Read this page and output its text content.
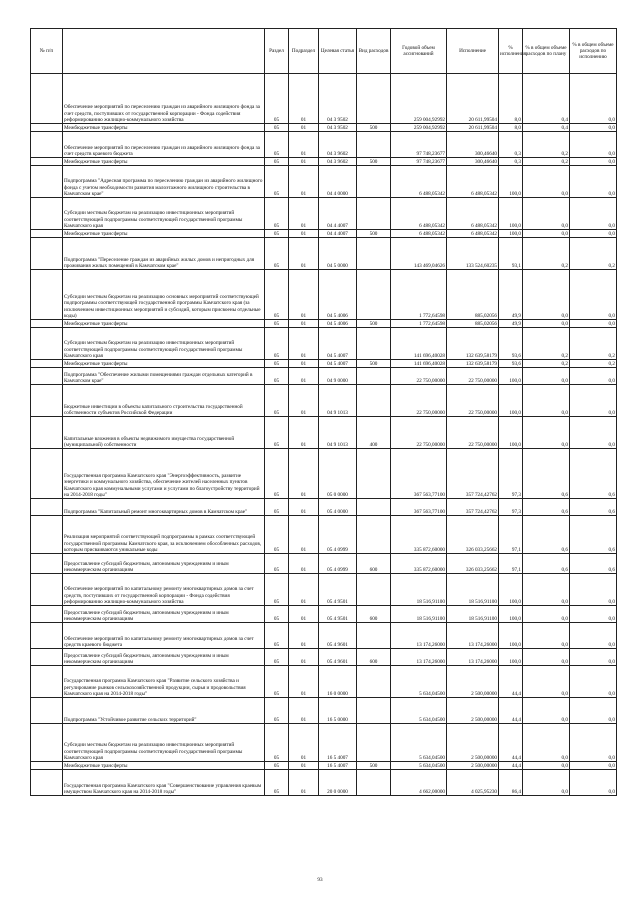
№ п/п		Раздел	Подраздел	Целевая статья	Вид расходов	Годовой объем ассигнований	Исполнение	% исполнения	% в общем объеме расходов по плану	% в общем объеме расходов по исполнению
	Обеспечение мероприятий по переселению граждан из аварийного жилищного фонда за счет средств, поступивших от государственной корпорации - Фонда содействия реформированию жилищно-коммунального хозяйства	05	01	04 3 9502		259 004,92992	20 611,99504	8,0	0,4	0,0
	Межбюджетные трансферты	05	01	04 3 9502	500	259 004,92992	20 611,99504	8,0	0,4	0,0
	Обеспечение мероприятий по переселению граждан из аварийного жилищного фонда за счет средств краевого бюджета	05	01	04 3 9602		97 748,23677	300,46640	0,3	0,2	0,0
	Межбюджетные трансферты	05	01	04 3 9602	500	97 748,23677	300,46640	0,3	0,2	0,0
	Подпрограмма "Адресная программа по переселению граждан из аварийного жилищного фонда с учетом необходимости развития малоэтажного жилищного строительства в Камчатском крае"	05	01	04 4 0000		6 488,05342	6 488,05342	100,0	0,0	0,0
	Субсидии местным бюджетам на реализацию инвестиционных мероприятий соответствующей подпрограммы соответствующей государственной программы Камчатского края	05	01	04 4 4007		6 488,05342	6 488,05342	100,0	0,0	0,0
	Межбюджетные трансферты	05	01	04 4 4007	500	6 488,05342	6 488,05342	100,0	0,0	0,0
	Подпрограмма "Переселение граждан из аварийных жилых домов и непригодных для проживания жилых помещений в Камчатском крае"	05	01	04 5 0000		143 469,04626	133 524,60235	93,1	0,2	0,2
	Субсидии местным бюджетам на реализацию основных мероприятий соответствующей подпрограммы соответствующей государственной программы Камчатского края (за исключением инвестиционных мероприятий и субсидий, которым присвоены отдельные коды)	05	01	04 5 4006		1 772,64598	885,02056	49,9	0,0	0,0
	Межбюджетные трансферты	05	01	04 5 4006	500	1 772,64598	885,02056	49,9	0,0	0,0
	Субсидии местным бюджетам на реализацию инвестиционных мероприятий соответствующей подпрограммы соответствующей государственной программы Камчатского края	05	01	04 5 4007		141 696,40028	132 639,58179	93,6	0,2	0,2
	Межбюджетные трансферты	05	01	04 5 4007	500	141 696,40028	132 639,58179	93,6	0,2	0,2
	Подпрограмма "Обеспечение жилыми помещениями граждан отдельных категорий в Камчатском крае"	05	01	04 9 0000		22 750,00000	22 750,00000	100,0	0,0	0,0
	Бюджетные инвестиции в объекты капитального строительства государственной собственности субъектов Российской Федерации	05	01	04 9 1013		22 750,00000	22 750,00000	100,0	0,0	0,0
	Капитальные вложения в объекты недвижимого имущества государственной (муниципальной) собственности	05	01	04 9 1013	400	22 750,00000	22 750,00000	100,0	0,0	0,0
	Государственная программа Камчатского края "Энергоэффективность, развитие энергетики и коммунального хозяйства, обеспечение жителей населенных пунктов Камчатского края коммунальными услугами и услугами по благоустройству территорий на 2014-2018 годы"	05	01	05 0 0000		367 563,77100	357 724,42762	97,3	0,6	0,6
	Подпрограмма "Капитальный ремонт многоквартирных домов в Камчатском крае"	05	01	05 4 0000		367 563,77100	357 724,42762	97,3	0,6	0,6
	Реализация мероприятий соответствующей подпрограммы в рамках соответствующей государственной программы Камчатского края, за исключением обособленных расходов, которым присваиваются уникальные коды	05	01	05 4 0999		335 872,60000	326 033,25662	97,1	0,6	0,6
	Предоставление субсидий бюджетным, автономным учреждениям и иным некоммерческим организациям	05	01	05 4 0999	600	335 872,60000	326 033,25662	97,1	0,6	0,6
	Обеспечение мероприятий по капитальному ремонту многоквартирных домов за счет средств, поступивших от государственной корпорации - Фонда содействия реформированию жилищно-коммунального хозяйства	05	01	05 4 9501		18 516,91100	18 516,91100	100,0	0,0	0,0
	Предоставление субсидий бюджетным, автономным учреждениям и иным некоммерческим организациям	05	01	05 4 9501	600	18 516,91100	18 516,91100	100,0	0,0	0,0
	Обеспечение мероприятий по капитальному ремонту многоквартирных домов за счет средств краевого бюджета	05	01	05 4 9601		13 174,26000	13 174,26000	100,0	0,0	0,0
	Предоставление субсидий бюджетным, автономным учреждениям и иным некоммерческим организациям	05	01	05 4 9601	600	13 174,26000	13 174,26000	100,0	0,0	0,0
	Государственная программа Камчатского края "Развитие сельского хозяйства и регулирование рынков сельскохозяйственной продукции, сырья и продовольствия Камчатского края на 2014-2018 годы"	05	01	16 0 0000		5 634,04500	2 500,00000	44,4	0,0	0,0
	Подпрограмма "Устойчивое развитие сельских территорий"	05	01	16 5 0000		5 634,04500	2 500,00000	44,4	0,0	0,0
	Субсидии местным бюджетам на реализацию инвестиционных мероприятий соответствующей подпрограммы соответствующей государственной программы Камчатского края	05	01	16 5 4007		5 634,04500	2 500,00000	44,4	0,0	0,0
	Межбюджетные трансферты	05	01	16 5 4007	500	5 634,04500	2 500,00000	44,4	0,0	0,0
	Государственная программа Камчатского края "Совершенствование управления краевым имуществом Камчатского края на 2014-2018 годы"	05	01	20 0 0000		4 662,00000	4 025,95230	86,4	0,0	0,0
93
